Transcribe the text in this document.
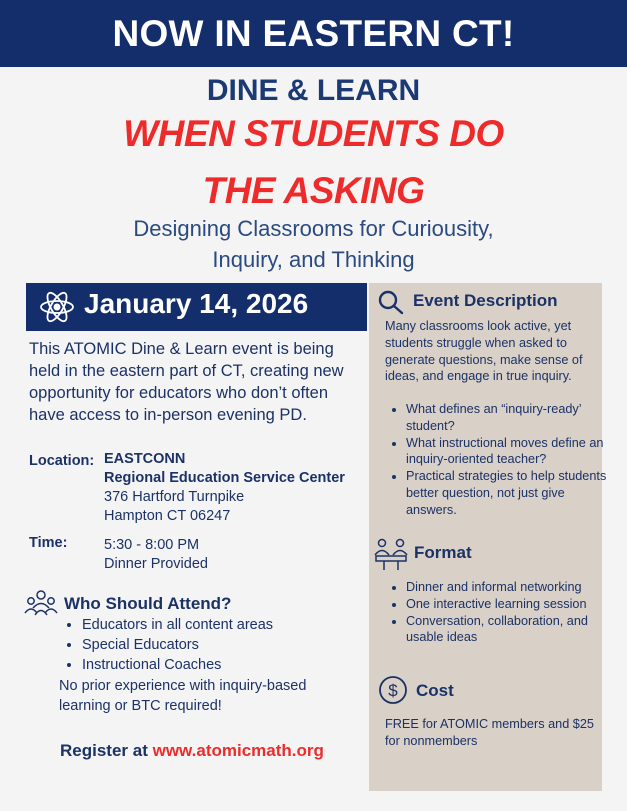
NOW IN EASTERN CT!
DINE & LEARN
WHEN STUDENTS DO
THE ASKING
Designing Classrooms for Curiousity,
Inquiry, and Thinking
January 14, 2026
This ATOMIC Dine & Learn event is being held in the eastern part of CT, creating new opportunity for educators who don’t often have access to in-person evening PD.
Location: EASTCONN
Regional Education Service Center
376 Hartford Turnpike
Hampton CT 06247
Time:	5:30 - 8:00 PM
Dinner Provided
Who Should Attend?
• Educators in all content areas
• Special Educators
• Instructional Coaches
No prior experience with inquiry-based learning or BTC required!
Register at www.atomicmath.org
Event Description
Many classrooms look active, yet students struggle when asked to generate questions, make sense of ideas, and engage in true inquiry.
• What defines an “inquiry-ready’ student?
• What instructional moves define an inquiry-oriented teacher?
• Practical strategies to help students better question, not just give answers.
Format
• Dinner and informal networking
• One interactive learning session
• Conversation, collaboration, and usable ideas
$ Cost
FREE for ATOMIC members and $25 for nonmembers
